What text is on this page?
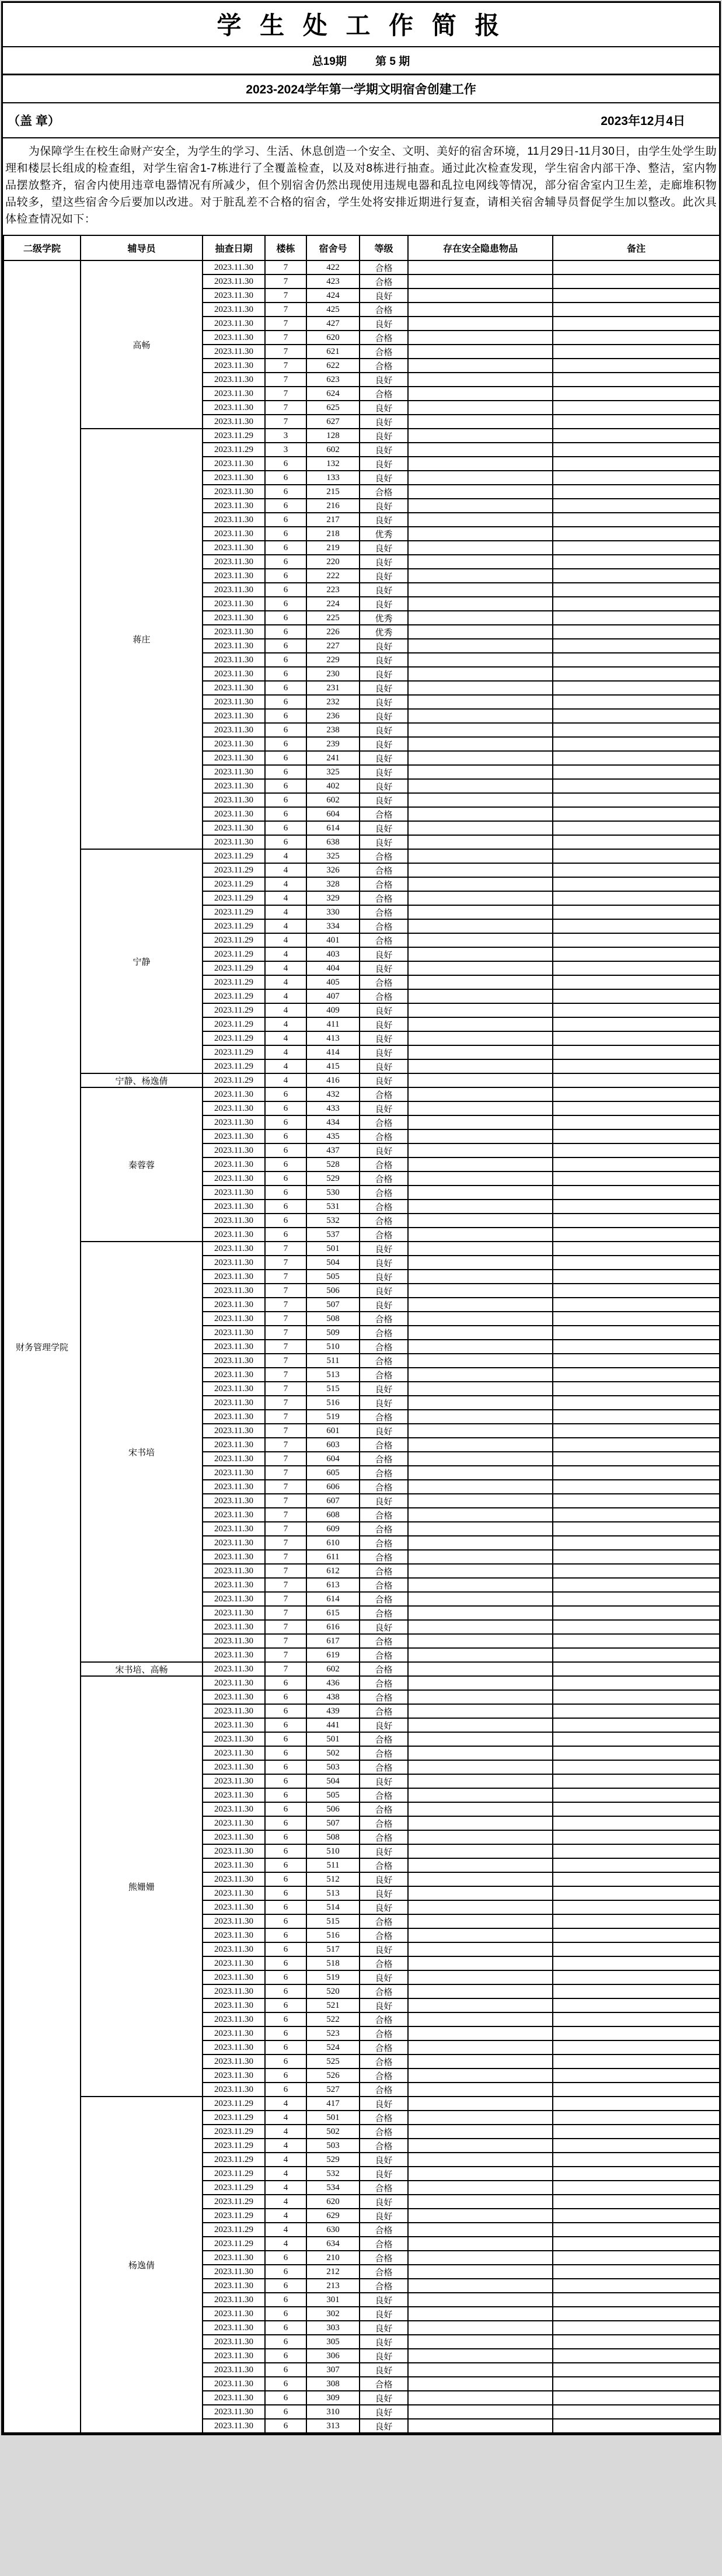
学 生 处 工 作 简 报
总19期	第 5 期
2023-2024学年第一学期文明宿舍创建工作
（盖 章）	2023年12月4日
为保障学生在校生命财产安全，为学生的学习、生活、休息创造一个安全、文明、美好的宿舍环境，11月29日-11月30日，由学生处学生助理和楼层长组成的检查组，对学生宿舍1-7栋进行了全覆盖检查，以及对8栋进行抽查。通过此次检查发现，学生宿舍内部干净、整洁，室内物品摆放整齐，宿舍内使用违章电器情况有所减少，但个别宿舍仍然出现使用违规电器和乱拉电网线等情况，部分宿舍室内卫生差，走廊堆积物品较多，望这些宿舍今后要加以改进。对于脏乱差不合格的宿舍，学生处将安排近期进行复查，请相关宿舍辅导员督促学生加以整改。此次具体检查情况如下：
二级学院	辅导员	抽查日期	楼栋	宿舍号	等级	存在安全隐患物品	备注
财务管理学院	高畅	2023.11.30	7	422	合格		
		2023.11.30	7	423	合格		
		2023.11.30	7	424	良好		
		2023.11.30	7	425	合格		
		2023.11.30	7	427	良好		
		2023.11.30	7	620	合格		
		2023.11.30	7	621	合格		
		2023.11.30	7	622	合格		
		2023.11.30	7	623	良好		
		2023.11.30	7	624	合格		
		2023.11.30	7	625	良好		
		2023.11.30	7	627	良好		
	蒋庄	2023.11.29	3	128	良好		
		2023.11.29	3	602	良好		
		2023.11.30	6	132	良好		
		2023.11.30	6	133	良好		
		2023.11.30	6	215	合格		
		2023.11.30	6	216	良好		
		2023.11.30	6	217	良好		
		2023.11.30	6	218	优秀		
		2023.11.30	6	219	良好		
		2023.11.30	6	220	良好		
		2023.11.30	6	222	良好		
		2023.11.30	6	223	良好		
		2023.11.30	6	224	良好		
		2023.11.30	6	225	优秀		
		2023.11.30	6	226	优秀		
		2023.11.30	6	227	良好		
		2023.11.30	6	229	良好		
		2023.11.30	6	230	良好		
		2023.11.30	6	231	良好		
		2023.11.30	6	232	良好		
		2023.11.30	6	236	良好		
		2023.11.30	6	238	良好		
		2023.11.30	6	239	良好		
		2023.11.30	6	241	良好		
		2023.11.30	6	325	良好		
		2023.11.30	6	402	良好		
		2023.11.30	6	602	良好		
		2023.11.30	6	604	合格		
		2023.11.30	6	614	良好		
		2023.11.30	6	638	良好		
	宁静	2023.11.29	4	325	合格		
		2023.11.29	4	326	合格		
		2023.11.29	4	328	合格		
		2023.11.29	4	329	合格		
		2023.11.29	4	330	合格		
		2023.11.29	4	334	合格		
		2023.11.29	4	401	合格		
		2023.11.29	4	403	良好		
		2023.11.29	4	404	良好		
		2023.11.29	4	405	合格		
		2023.11.29	4	407	合格		
		2023.11.29	4	409	良好		
		2023.11.29	4	411	良好		
		2023.11.29	4	413	良好		
		2023.11.29	4	414	良好		
		2023.11.29	4	415	良好		
	宁静、杨逸倩	2023.11.29	4	416	良好		
	秦蓉蓉	2023.11.30	6	432	合格		
		2023.11.30	6	433	良好		
		2023.11.30	6	434	合格		
		2023.11.30	6	435	合格		
		2023.11.30	6	437	良好		
		2023.11.30	6	528	合格		
		2023.11.30	6	529	合格		
		2023.11.30	6	530	合格		
		2023.11.30	6	531	合格		
		2023.11.30	6	532	合格		
		2023.11.30	6	537	合格		
	宋书培	2023.11.30	7	501	良好		
		2023.11.30	7	504	良好		
		2023.11.30	7	505	良好		
		2023.11.30	7	506	良好		
		2023.11.30	7	507	良好		
		2023.11.30	7	508	合格		
		2023.11.30	7	509	合格		
		2023.11.30	7	510	合格		
		2023.11.30	7	511	合格		
		2023.11.30	7	513	合格		
		2023.11.30	7	515	良好		
		2023.11.30	7	516	良好		
		2023.11.30	7	519	合格		
		2023.11.30	7	601	良好		
		2023.11.30	7	603	合格		
		2023.11.30	7	604	合格		
		2023.11.30	7	605	合格		
		2023.11.30	7	606	合格		
		2023.11.30	7	607	良好		
		2023.11.30	7	608	合格		
		2023.11.30	7	609	合格		
		2023.11.30	7	610	合格		
		2023.11.30	7	611	合格		
		2023.11.30	7	612	合格		
		2023.11.30	7	613	合格		
		2023.11.30	7	614	合格		
		2023.11.30	7	615	合格		
		2023.11.30	7	616	良好		
		2023.11.30	7	617	合格		
		2023.11.30	7	619	合格		
	宋书培、高畅	2023.11.30	7	602	合格		
	熊姗姗	2023.11.30	6	436	合格		
		2023.11.30	6	438	合格		
		2023.11.30	6	439	合格		
		2023.11.30	6	441	良好		
		2023.11.30	6	501	合格		
		2023.11.30	6	502	合格		
		2023.11.30	6	503	合格		
		2023.11.30	6	504	良好		
		2023.11.30	6	505	合格		
		2023.11.30	6	506	合格		
		2023.11.30	6	507	合格		
		2023.11.30	6	508	合格		
		2023.11.30	6	510	良好		
		2023.11.30	6	511	合格		
		2023.11.30	6	512	良好		
		2023.11.30	6	513	良好		
		2023.11.30	6	514	良好		
		2023.11.30	6	515	合格		
		2023.11.30	6	516	合格		
		2023.11.30	6	517	良好		
		2023.11.30	6	518	合格		
		2023.11.30	6	519	良好		
		2023.11.30	6	520	合格		
		2023.11.30	6	521	良好		
		2023.11.30	6	522	合格		
		2023.11.30	6	523	合格		
		2023.11.30	6	524	合格		
		2023.11.30	6	525	合格		
		2023.11.30	6	526	合格		
		2023.11.30	6	527	合格		
	杨逸倩	2023.11.29	4	417	良好		
		2023.11.29	4	501	合格		
		2023.11.29	4	502	合格		
		2023.11.29	4	503	合格		
		2023.11.29	4	529	良好		
		2023.11.29	4	532	良好		
		2023.11.29	4	534	合格		
		2023.11.29	4	620	良好		
		2023.11.29	4	629	良好		
		2023.11.29	4	630	合格		
		2023.11.29	4	634	合格		
		2023.11.30	6	210	合格		
		2023.11.30	6	212	合格		
		2023.11.30	6	213	合格		
		2023.11.30	6	301	良好		
		2023.11.30	6	302	良好		
		2023.11.30	6	303	良好		
		2023.11.30	6	305	良好		
		2023.11.30	6	306	良好		
		2023.11.30	6	307	良好		
		2023.11.30	6	308	合格		
		2023.11.30	6	309	良好		
		2023.11.30	6	310	良好		
		2023.11.30	6	313	良好		
